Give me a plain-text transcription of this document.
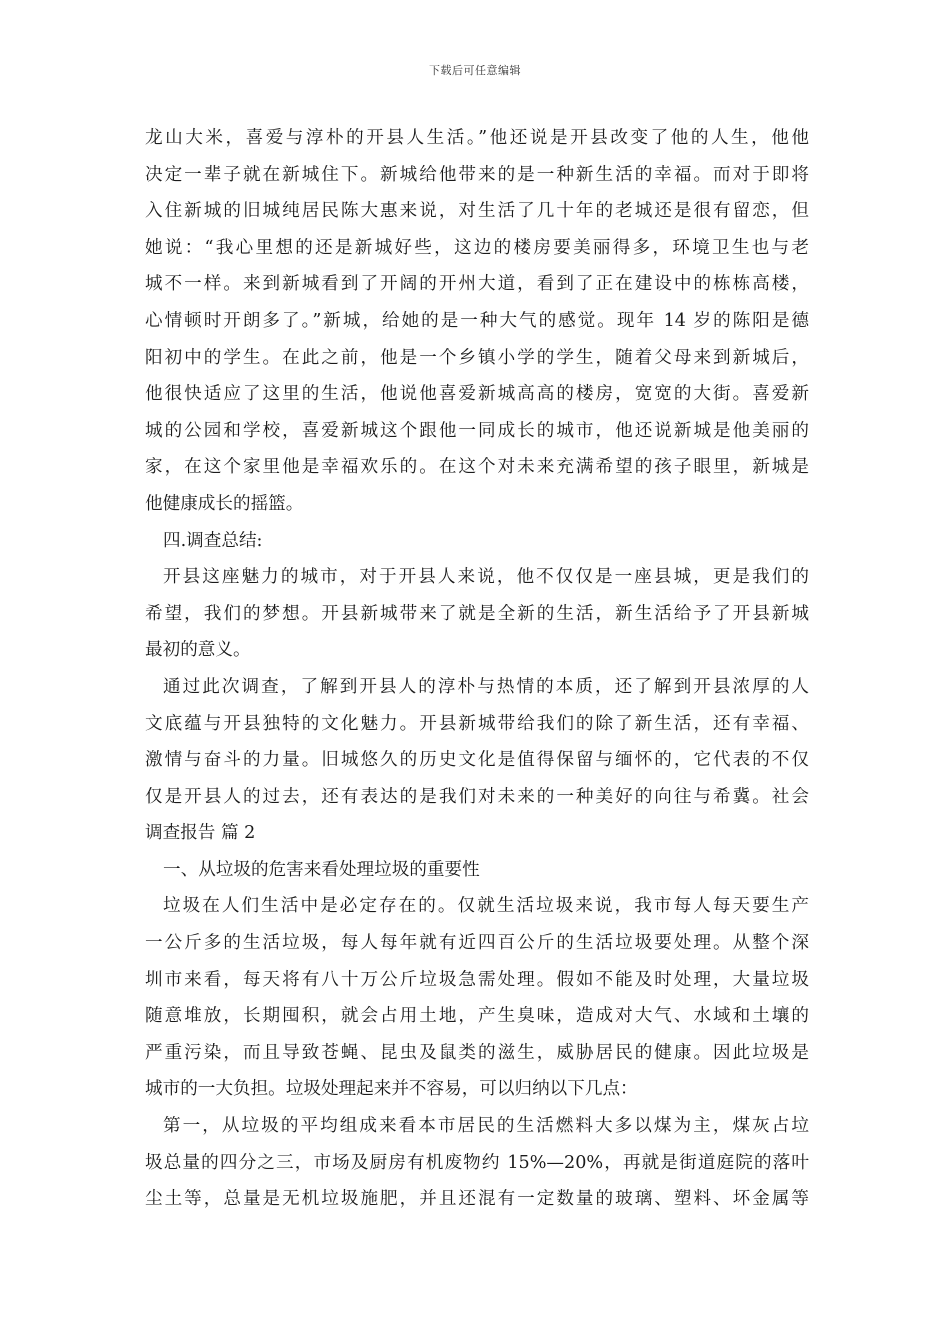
下载后可任意编辑
龙山大米，喜爱与淳朴的开县人生活。”他还说是开县改变了他的人生，他他
决定一辈子就在新城住下。新城给他带来的是一种新生活的幸福。而对于即将
入住新城的旧城纯居民陈大惠来说，对生活了几十年的老城还是很有留恋，但
她说：“我心里想的还是新城好些，这边的楼房要美丽得多，环境卫生也与老
城不一样。来到新城看到了开阔的开州大道，看到了正在建设中的栋栋高楼，
心情顿时开朗多了。”新城，给她的是一种大气的感觉。现年 14 岁的陈阳是德
阳初中的学生。在此之前，他是一个乡镇小学的学生，随着父母来到新城后，
他很快适应了这里的生活，他说他喜爱新城高高的楼房，宽宽的大街。喜爱新
城的公园和学校，喜爱新城这个跟他一同成长的城市，他还说新城是他美丽的
家，在这个家里他是幸福欢乐的。在这个对未来充满希望的孩子眼里，新城是
他健康成长的摇篮。
四.调查总结:
开县这座魅力的城市，对于开县人来说，他不仅仅是一座县城，更是我们的
希望，我们的梦想。开县新城带来了就是全新的生活，新生活给予了开县新城
最初的意义。
通过此次调查，了解到开县人的淳朴与热情的本质，还了解到开县浓厚的人
文底蕴与开县独特的文化魅力。开县新城带给我们的除了新生活，还有幸福、
激情与奋斗的力量。旧城悠久的历史文化是值得保留与缅怀的，它代表的不仅
仅是开县人的过去，还有表达的是我们对未来的一种美好的向往与希冀。社会
调查报告 篇 2
一、从垃圾的危害来看处理垃圾的重要性
垃圾在人们生活中是必定存在的。仅就生活垃圾来说，我市每人每天要生产
一公斤多的生活垃圾，每人每年就有近四百公斤的生活垃圾要处理。从整个深
圳市来看，每天将有八十万公斤垃圾急需处理。假如不能及时处理，大量垃圾
随意堆放，长期囤积，就会占用土地，产生臭味，造成对大气、水域和土壤的
严重污染，而且导致苍蝇、昆虫及鼠类的滋生，威胁居民的健康。因此垃圾是
城市的一大负担。垃圾处理起来并不容易，可以归纳以下几点：
第一，从垃圾的平均组成来看本市居民的生活燃料大多以煤为主，煤灰占垃
圾总量的四分之三，市场及厨房有机废物约 15%—20%，再就是街道庭院的落叶
尘土等，总量是无机垃圾施肥，并且还混有一定数量的玻璃、塑料、坏金属等
